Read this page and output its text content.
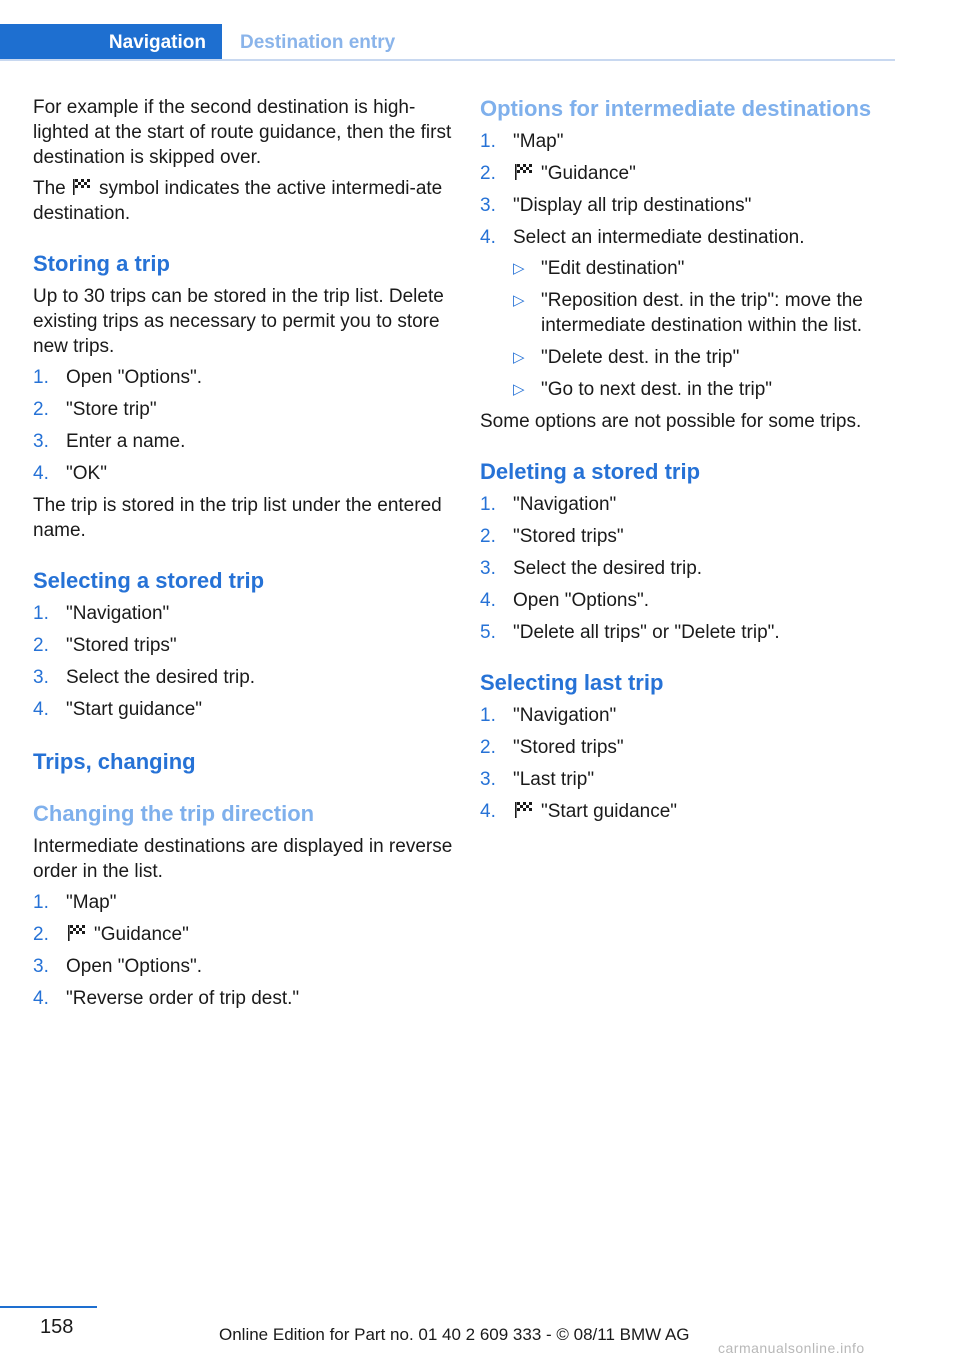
Navigation	Destination entry

For example if the second destination is high-lighted at the start of route guidance, then the first destination is skipped over.

The symbol indicates the active intermedi-ate destination.

Storing a trip

Up to 30 trips can be stored in the trip list. Delete existing trips as necessary to permit you to store new trips.

1. Open "Options".
2. "Store trip"
3. Enter a name.
4. "OK"

The trip is stored in the trip list under the entered name.

Selecting a stored trip
1. "Navigation"
2. "Stored trips"
3. Select the desired trip.
4. "Start guidance"
Trips, changing
Changing the trip direction

Intermediate destinations are displayed in reverse order in the list.

1. "Map"
2. "Guidance"
3. Open "Options".
4. "Reverse order of trip dest."
Options for intermediate destinations
1. "Map"
2. "Guidance"
3. "Display all trip destinations"
4. Select an intermediate destination.
▷ "Edit destination"
▷ "Reposition dest. in the trip": move the intermediate destination within the list.
▷ "Delete dest. in the trip"
▷ "Go to next dest. in the trip"

Some options are not possible for some trips.

Deleting a stored trip
1. "Navigation"
2. "Stored trips"
3. Select the desired trip.
4. Open "Options".
5. "Delete all trips" or "Delete trip".
Selecting last trip
1. "Navigation"
2. "Stored trips"
3. "Last trip"
4. "Start guidance"
158	Online Edition for Part no. 01 40 2 609 333 - © 08/11 BMW AG
carmanualsonline.info
